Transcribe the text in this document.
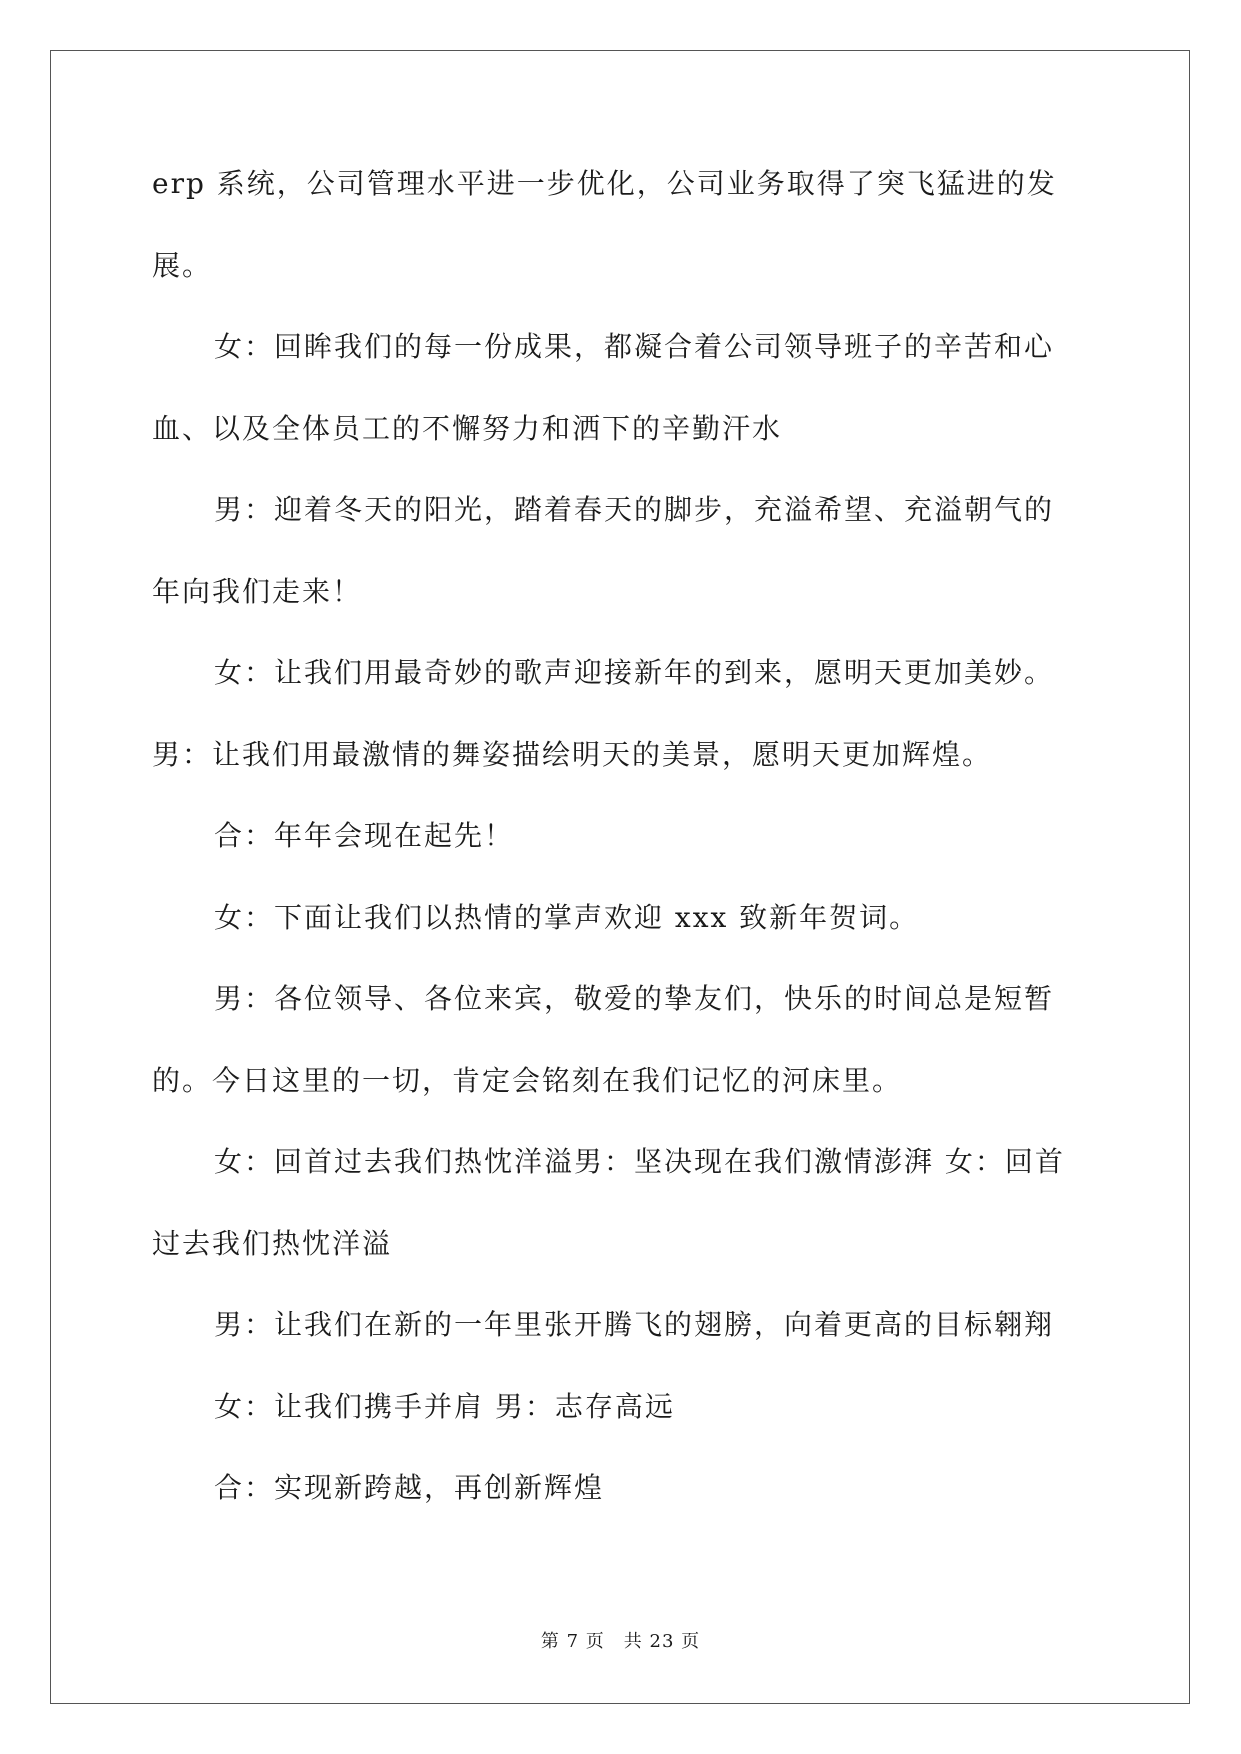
erp 系统，公司管理水平进一步优化，公司业务取得了突飞猛进的发
展。
女：回眸我们的每一份成果，都凝合着公司领导班子的辛苦和心
血、以及全体员工的不懈努力和洒下的辛勤汗水
男：迎着冬天的阳光，踏着春天的脚步，充溢希望、充溢朝气的
年向我们走来！
女：让我们用最奇妙的歌声迎接新年的到来，愿明天更加美妙。
男：让我们用最激情的舞姿描绘明天的美景，愿明天更加辉煌。
合：年年会现在起先！
女：下面让我们以热情的掌声欢迎 xxx 致新年贺词。
男：各位领导、各位来宾，敬爱的挚友们，快乐的时间总是短暂
的。今日这里的一切，肯定会铭刻在我们记忆的河床里。
女：回首过去我们热忱洋溢男：坚决现在我们激情澎湃 女：回首
过去我们热忱洋溢
男：让我们在新的一年里张开腾飞的翅膀，向着更高的目标翱翔
女：让我们携手并肩 男：志存高远
合：实现新跨越，再创新辉煌
第 7 页　共 23 页
